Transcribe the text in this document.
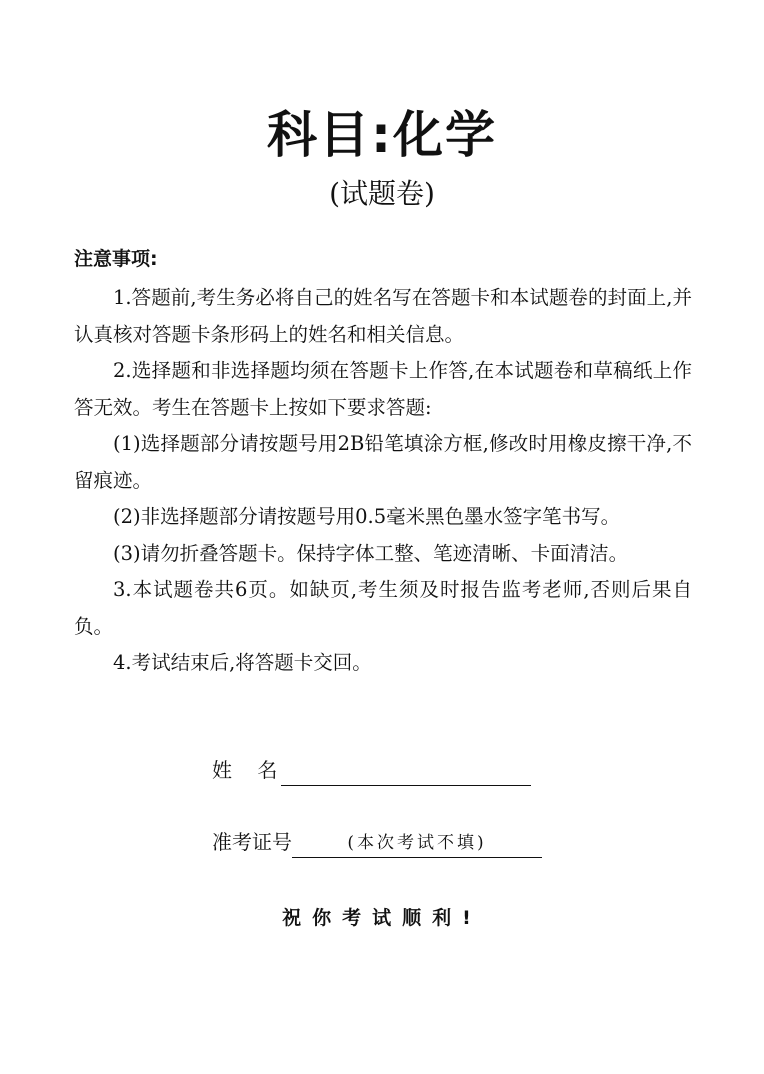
科目:化学
(试题卷)
注意事项:

1.答题前,考生务必将自己的姓名写在答题卡和本试题卷的封面上,并认真核对答题卡条形码上的姓名和相关信息。

2.选择题和非选择题均须在答题卡上作答,在本试题卷和草稿纸上作答无效。考生在答题卡上按如下要求答题:

(1)选择题部分请按题号用2B铅笔填涂方框,修改时用橡皮擦干净,不留痕迹。

(2)非选择题部分请按题号用0.5毫米黑色墨水签字笔书写。

(3)请勿折叠答题卡。保持字体工整、笔迹清晰、卡面清洁。

3.本试题卷共6页。如缺页,考生须及时报告监考老师,否则后果自负。

4.考试结束后,将答题卡交回。

姓    名
准考证号	(本次考试不填)
祝你考试顺利!
